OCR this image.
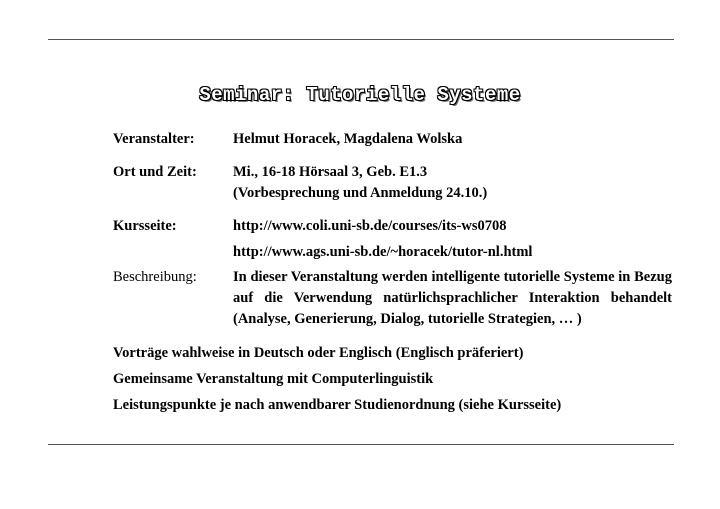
Seminar: Tutorielle Systeme
Veranstalter:	Helmut Horacek, Magdalena Wolska
Ort und Zeit: Mi., 16-18 Hörsaal 3, Geb. E1.3
(Vorbesprechung und Anmeldung 24.10.)
Kursseite:	http://www.coli.uni-sb.de/courses/its-ws0708
http://www.ags.uni-sb.de/~horacek/tutor-nl.html
Beschreibung: In dieser Veranstaltung werden intelligente tutorielle Systeme in Bezug auf die Verwendung natürlichsprachlicher Interaktion behandelt (Analyse, Generierung, Dialog, tutorielle Strategien, … )
Vorträge wahlweise in Deutsch oder Englisch (Englisch präferiert)
Gemeinsame Veranstaltung mit Computerlinguistik
Leistungspunkte je nach anwendbarer Studienordnung (siehe Kursseite)
